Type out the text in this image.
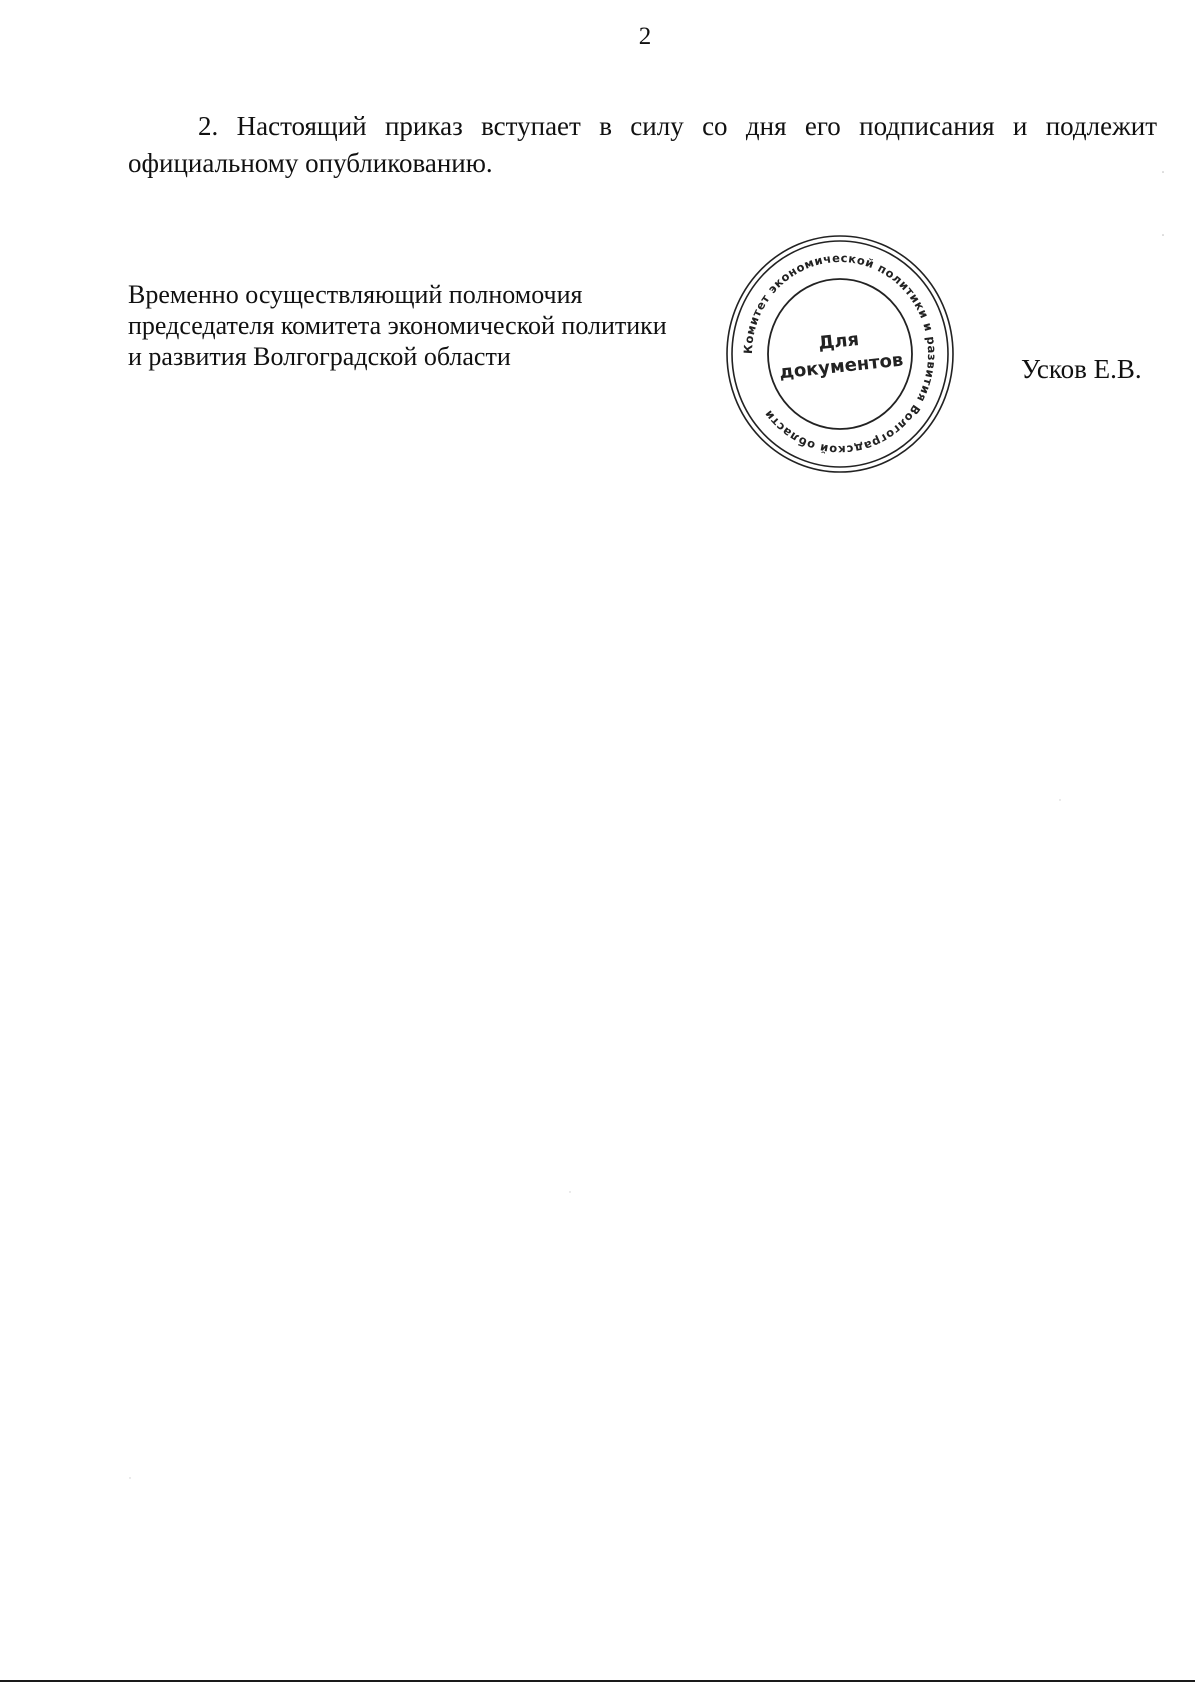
2

2. Настоящий приказ вступает в силу со дня его подписания и подлежит официальному опубликованию.

Временно осуществляющий полномочия
председателя комитета экономической политики
и развития Волгоградской области	Комитет экономической политики и развития Волгоградской области
Для
документов	Усков Е.В.
